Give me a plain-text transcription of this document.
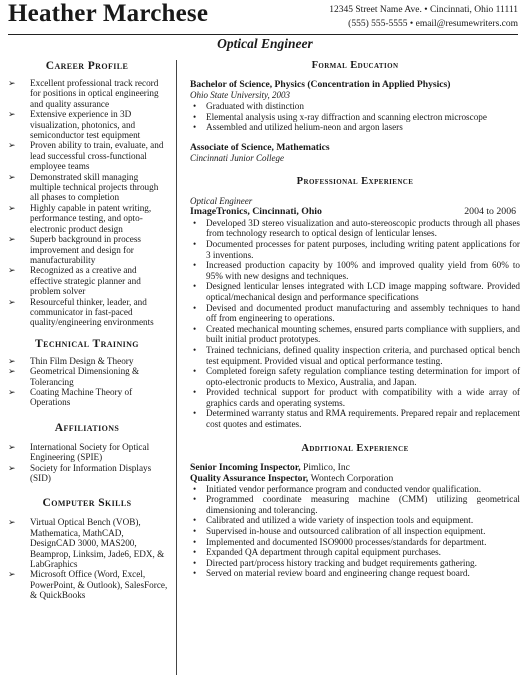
Heather Marchese	12345 Street Name Ave. • Cincinnati, Ohio 11111
(555) 555-5555 • email@resumewriters.com
Optical Engineer
Career Profile
➢ Excellent professional track record for positions in optical engineering and quality assurance
➢ Extensive experience in 3D visualization, photonics, and semiconductor test equipment
➢ Proven ability to train, evaluate, and lead successful cross-functional employee teams
➢ Demonstrated skill managing multiple technical projects through all phases to completion
➢ Highly capable in patent writing, performance testing, and opto-electronic product design
➢ Superb background in process improvement and design for manufacturability
➢ Recognized as a creative and effective strategic planner and problem solver
➢ Resourceful thinker, leader, and communicator in fast-paced quality/engineering environments
Technical Training
➢ Thin Film Design & Theory
➢ Geometrical Dimensioning & Tolerancing
➢ Coating Machine Theory of Operations
Affiliations
➢ International Society for Optical Engineering (SPIE)
➢ Society for Information Displays (SID)
Computer Skills
➢ Virtual Optical Bench (VOB), Mathematica, MathCAD, DesignCAD 3000, MAS200, Beamprop, Linksim, Jade6, EDX, & LabGraphics
➢ Microsoft Office (Word, Excel, PowerPoint, & Outlook), SalesForce, & QuickBooks
Formal Education
Bachelor of Science, Physics (Concentration in Applied Physics)
Ohio State University, 2003
• Graduated with distinction
• Elemental analysis using x-ray diffraction and scanning electron microscope
• Assembled and utilized helium-neon and argon lasers
Associate of Science, Mathematics
Cincinnati Junior College
Professional Experience
Optical Engineer
ImageTronics, Cincinnati, Ohio	2004 to 2006
• Developed 3D stereo visualization and auto-stereoscopic products through all phases from technology research to optical design of lenticular lenses.
• Documented processes for patent purposes, including writing patent applications for 3 inventions.
• Increased production capacity by 100% and improved quality yield from 60% to 95% with new designs and techniques.
• Designed lenticular lenses integrated with LCD image mapping software. Provided optical/mechanical design and performance specifications
• Devised and documented product manufacturing and assembly techniques to hand off from engineering to operations.
• Created mechanical mounting schemes, ensured parts compliance with suppliers, and built initial product prototypes.
• Trained technicians, defined quality inspection criteria, and purchased optical bench test equipment. Provided visual and optical performance testing.
• Completed foreign safety regulation compliance testing determination for import of opto-electronic products to Mexico, Australia, and Japan.
• Provided technical support for product with compatibility with a wide array of graphics cards and operating systems.
• Determined warranty status and RMA requirements. Prepared repair and replacement cost quotes and estimates.
Additional Experience
Senior Incoming Inspector, Pimlico, Inc
Quality Assurance Inspector, Wontech Corporation
• Initiated vendor performance program and conducted vendor qualification.
• Programmed coordinate measuring machine (CMM) utilizing geometrical dimensioning and tolerancing.
• Calibrated and utilized a wide variety of inspection tools and equipment.
• Supervised in-house and outsourced calibration of all inspection equipment.
• Implemented and documented ISO9000 processes/standards for department.
• Expanded QA department through capital equipment purchases.
• Directed part/process history tracking and budget requirements gathering.
• Served on material review board and engineering change request board.
